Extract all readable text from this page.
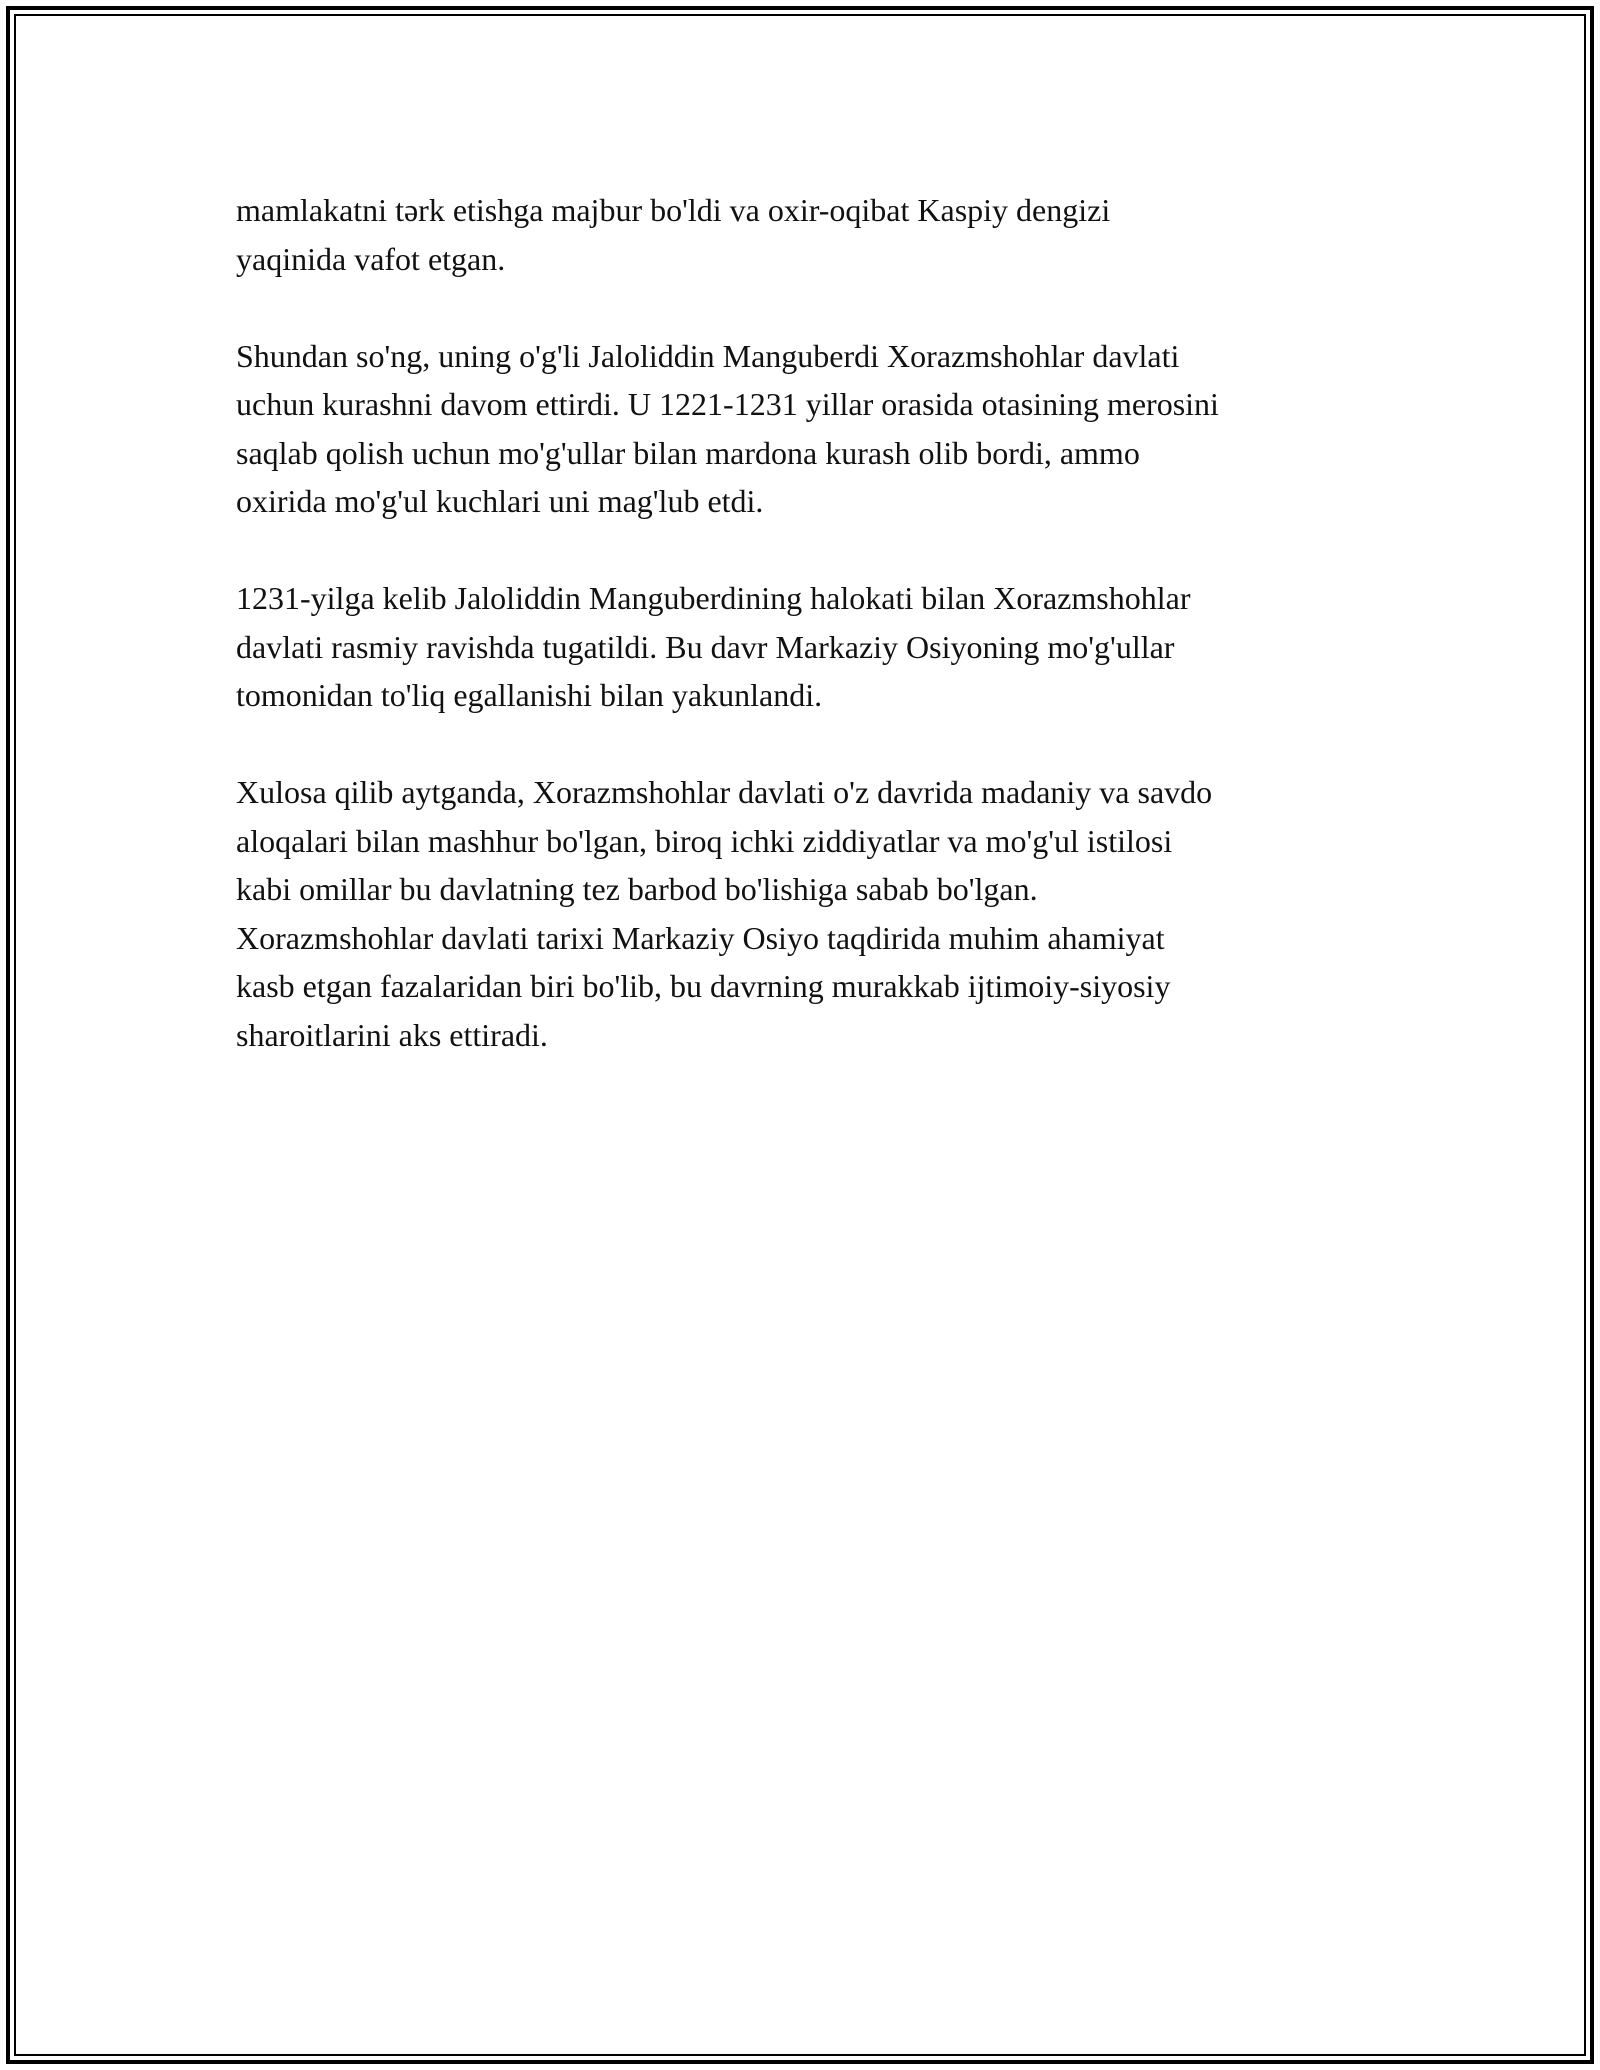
mamlakatni tərk etishga majbur bo'ldi va oxir-oqibat Kaspiy dengizi
yaqinida vafot etgan.

Shundan so'ng, uning o'g'li Jaloliddin Manguberdi Xorazmshohlar davlati
uchun kurashni davom ettirdi. U 1221-1231 yillar orasida otasining merosini
saqlab qolish uchun mo'g'ullar bilan mardona kurash olib bordi, ammo
oxirida mo'g'ul kuchlari uni mag'lub etdi.

1231-yilga kelib Jaloliddin Manguberdining halokati bilan Xorazmshohlar
davlati rasmiy ravishda tugatildi. Bu davr Markaziy Osiyoning mo'g'ullar
tomonidan to'liq egallanishi bilan yakunlandi.

Xulosa qilib aytganda, Xorazmshohlar davlati o'z davrida madaniy va savdo
aloqalari bilan mashhur bo'lgan, biroq ichki ziddiyatlar va mo'g'ul istilosi
kabi omillar bu davlatning tez barbod bo'lishiga sabab bo'lgan.
Xorazmshohlar davlati tarixi Markaziy Osiyo taqdirida muhim ahamiyat
kasb etgan fazalaridan biri bo'lib, bu davrning murakkab ijtimoiy-siyosiy
sharoitlarini aks ettiradi.
